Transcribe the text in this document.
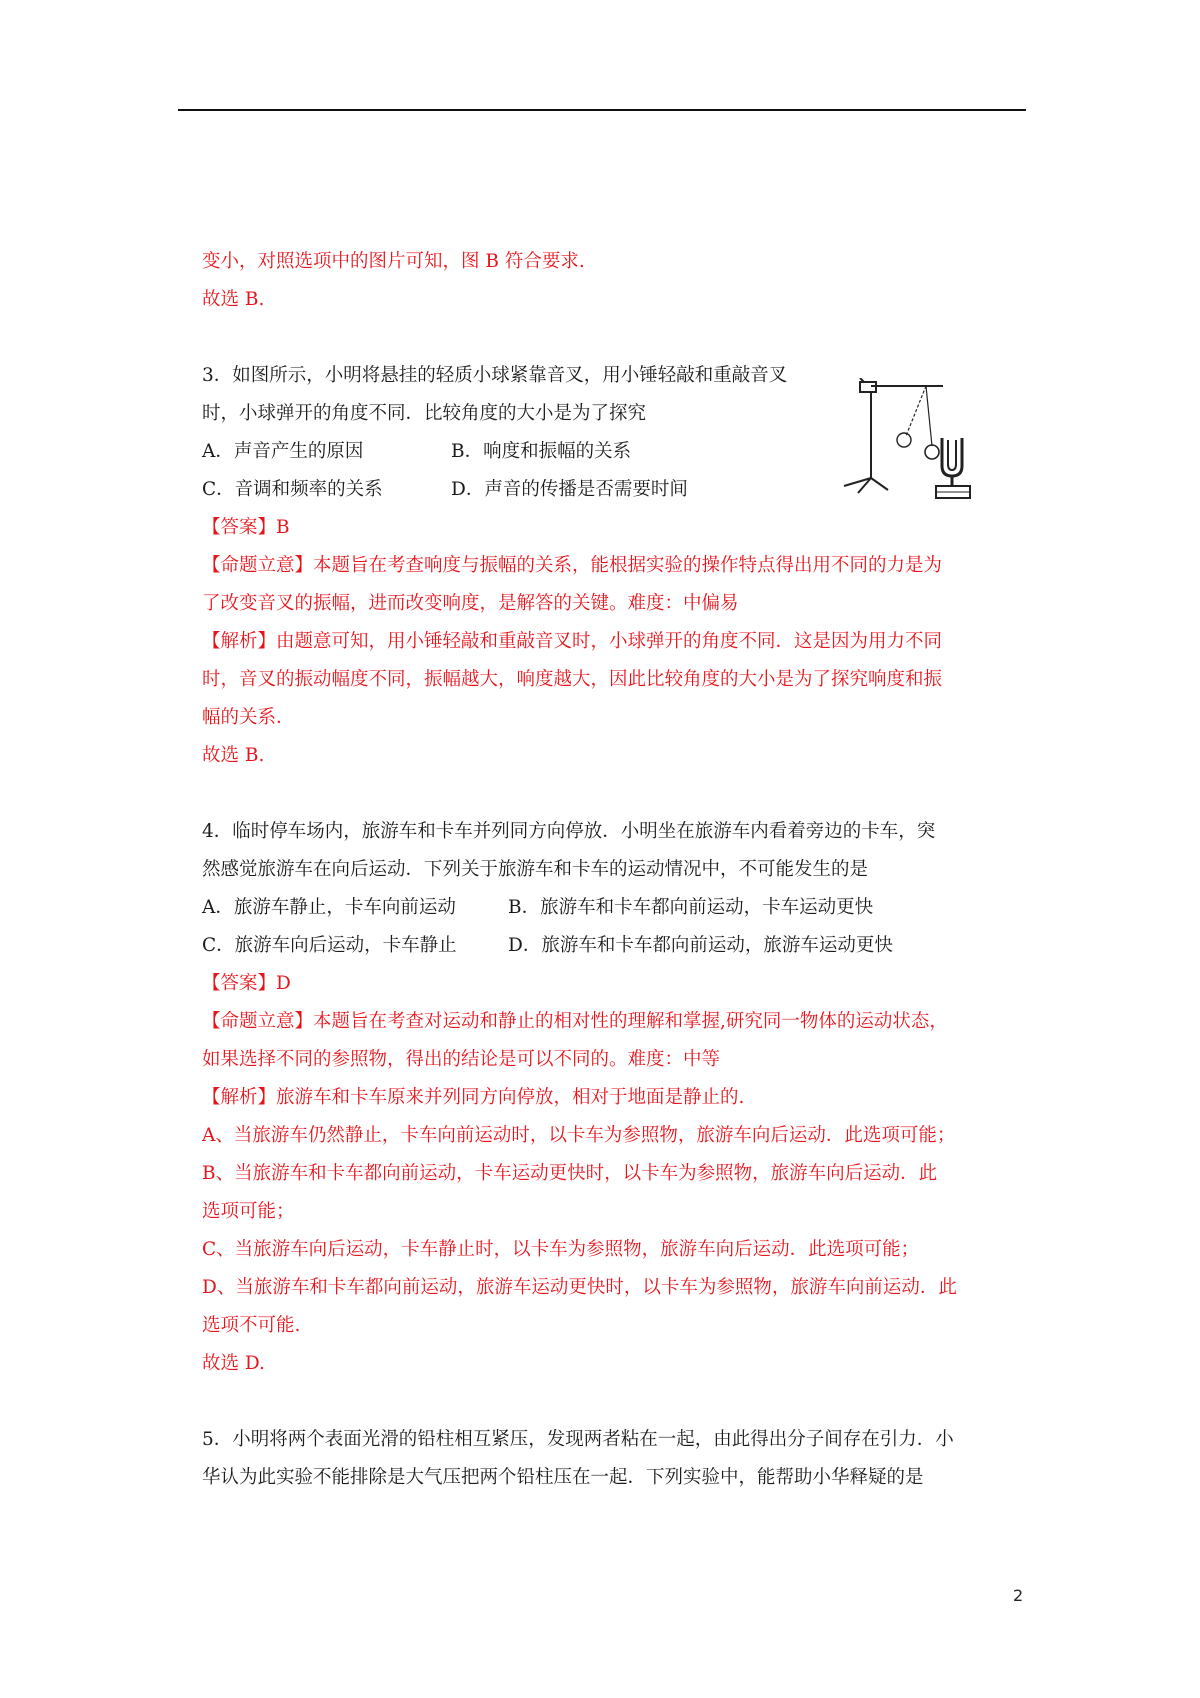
变小，对照选项中的图片可知，图 B 符合要求.
故选 B.
3．如图所示，小明将悬挂的轻质小球紧靠音叉，用小锤轻敲和重敲音叉
时，小球弹开的角度不同．比较角度的大小是为了探究
A．声音产生的原因	B．响度和振幅的关系
C．音调和频率的关系	D．声音的传播是否需要时间
【答案】B
【命题立意】本题旨在考查响度与振幅的关系，能根据实验的操作特点得出用不同的力是为
了改变音叉的振幅，进而改变响度，是解答的关键。难度：中偏易
【解析】由题意可知，用小锤轻敲和重敲音叉时，小球弹开的角度不同．这是因为用力不同
时，音叉的振动幅度不同，振幅越大，响度越大，因此比较角度的大小是为了探究响度和振
幅的关系．
故选 B.
4．临时停车场内，旅游车和卡车并列同方向停放．小明坐在旅游车内看着旁边的卡车，突
然感觉旅游车在向后运动．下列关于旅游车和卡车的运动情况中，不可能发生的是
A．旅游车静止，卡车向前运动	B．旅游车和卡车都向前运动，卡车运动更快
C．旅游车向后运动，卡车静止	D．旅游车和卡车都向前运动，旅游车运动更快
【答案】D
【命题立意】本题旨在考查对运动和静止的相对性的理解和掌握,研究同一物体的运动状态，
如果选择不同的参照物，得出的结论是可以不同的。难度：中等
【解析】旅游车和卡车原来并列同方向停放，相对于地面是静止的.
A、当旅游车仍然静止，卡车向前运动时，以卡车为参照物，旅游车向后运动．此选项可能；
B、当旅游车和卡车都向前运动，卡车运动更快时，以卡车为参照物，旅游车向后运动．此
选项可能；
C、当旅游车向后运动，卡车静止时，以卡车为参照物，旅游车向后运动．此选项可能；
D、当旅游车和卡车都向前运动，旅游车运动更快时，以卡车为参照物，旅游车向前运动．此
选项不可能.
故选 D.
5．小明将两个表面光滑的铅柱相互紧压，发现两者粘在一起，由此得出分子间存在引力．小
华认为此实验不能排除是大气压把两个铅柱压在一起．下列实验中，能帮助小华释疑的是
2
